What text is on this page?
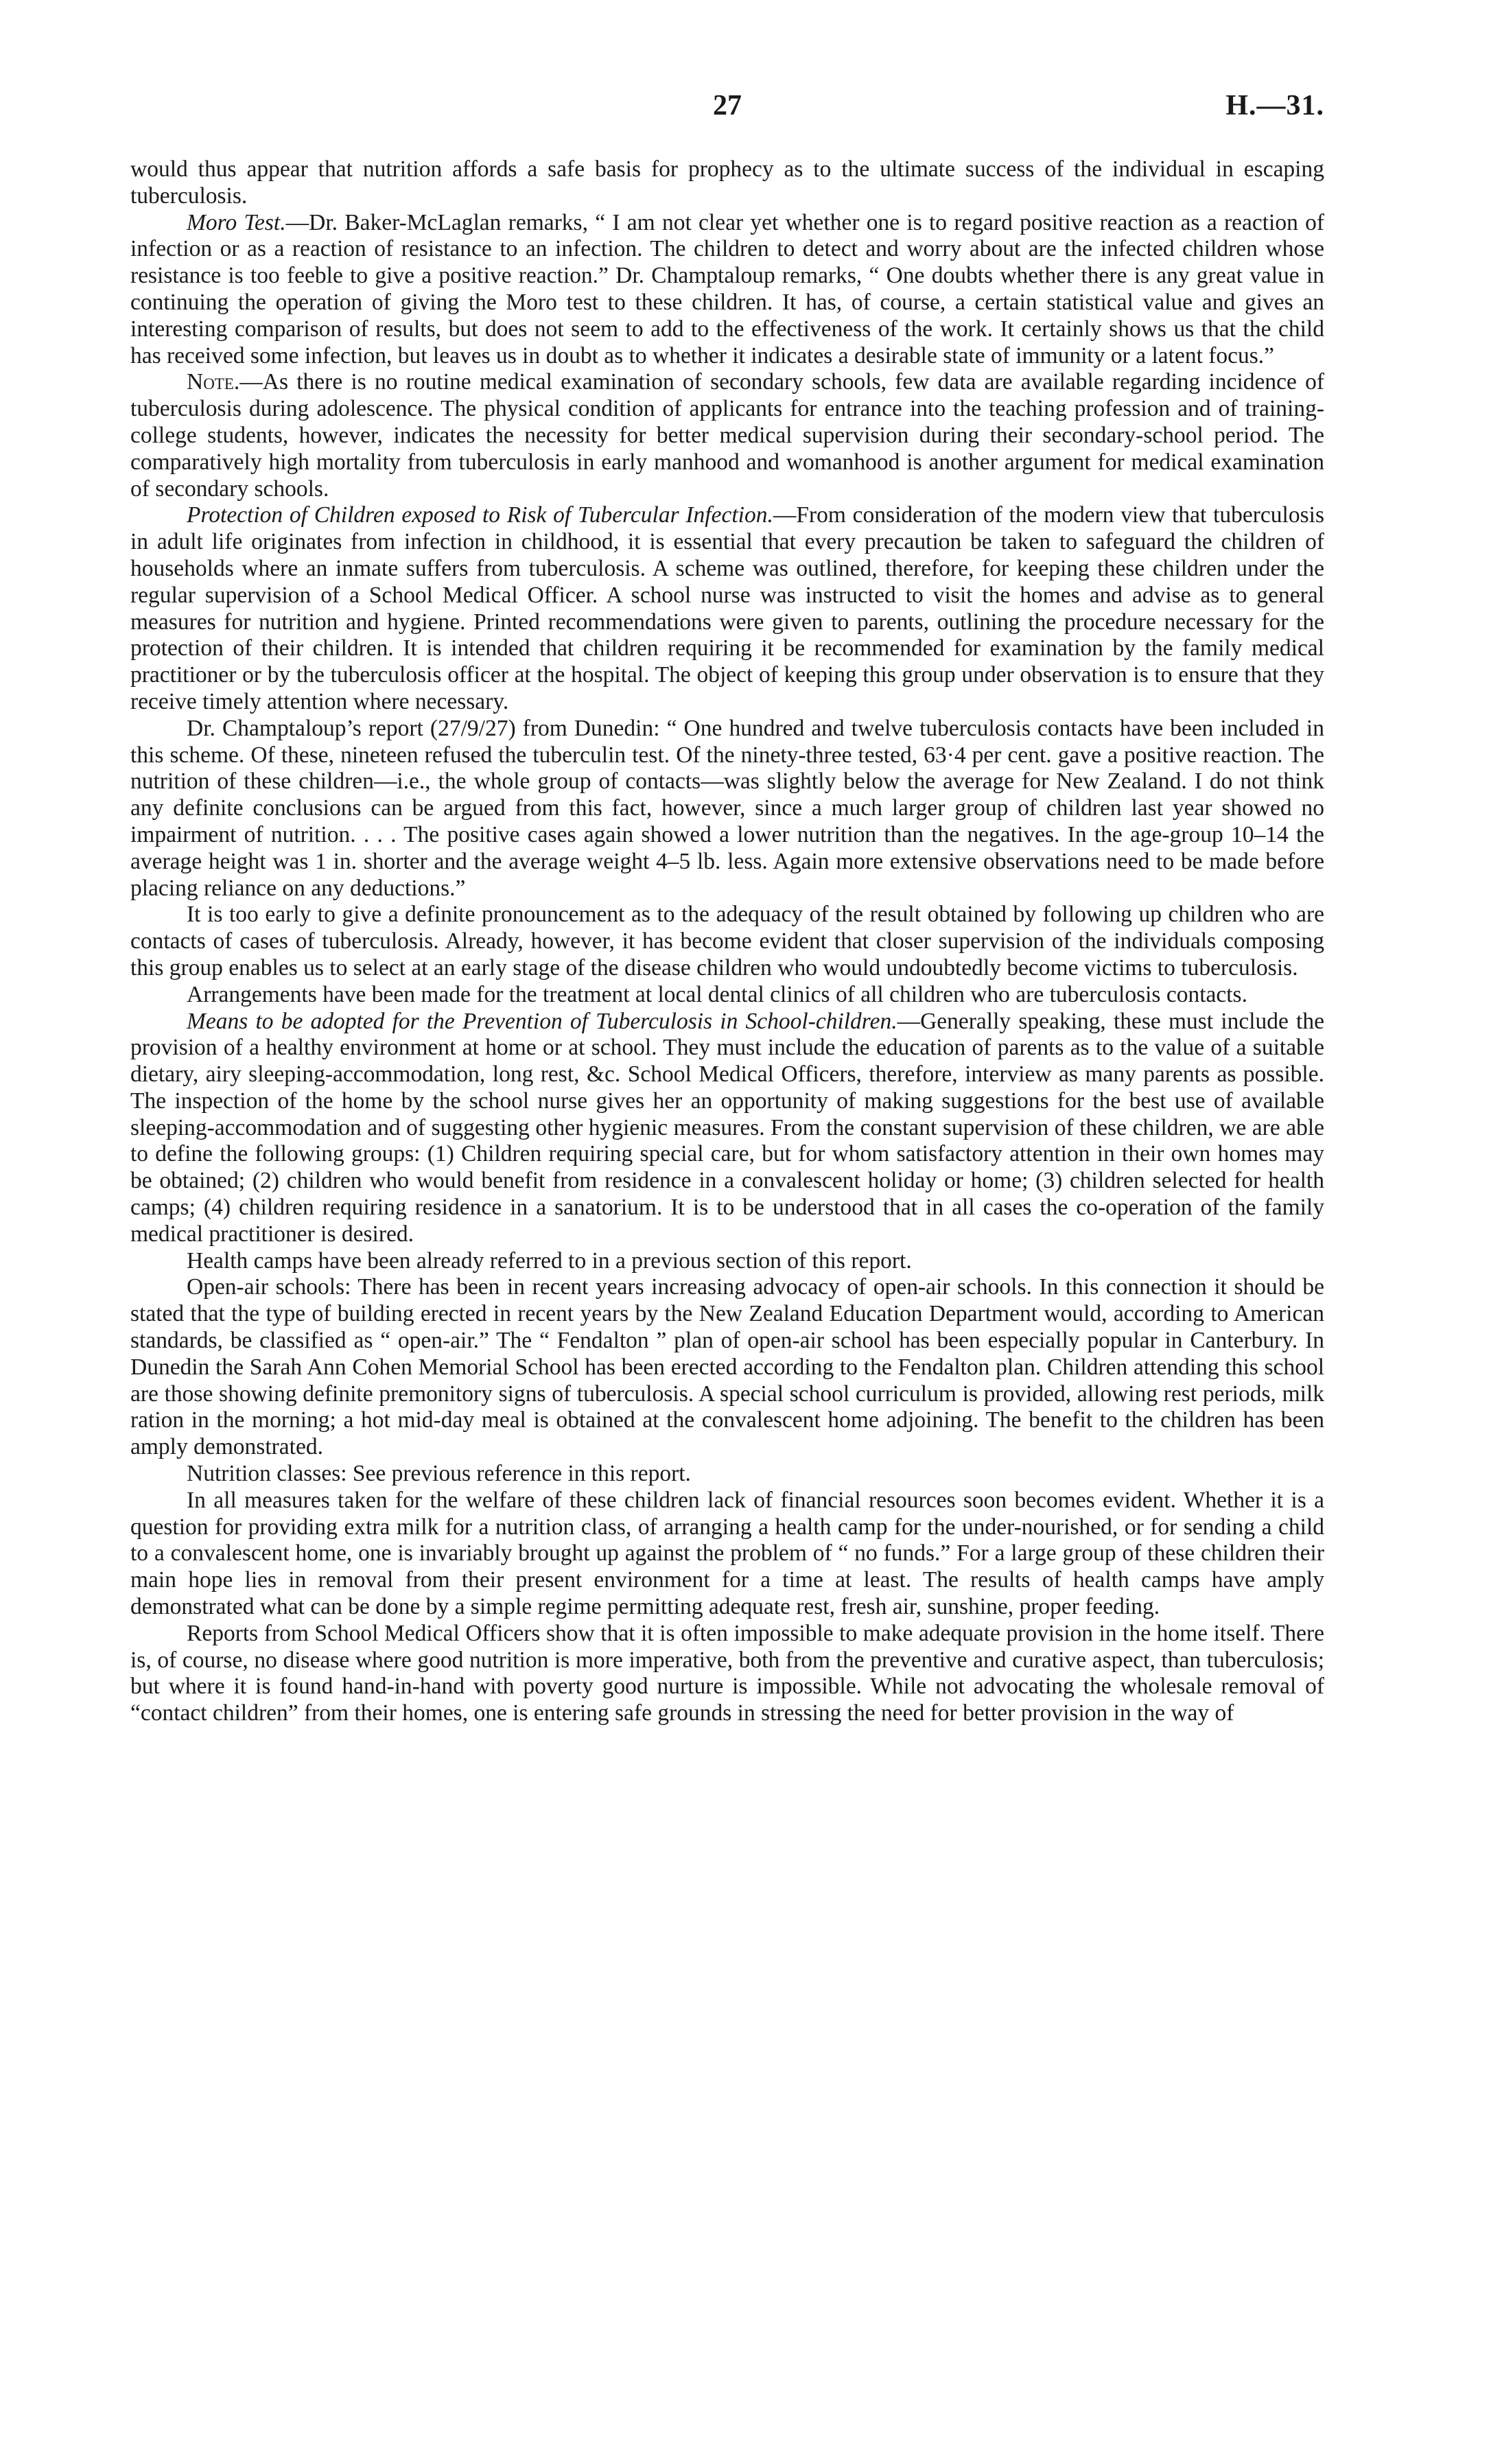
27	H.—31.

would thus appear that nutrition affords a safe basis for prophecy as to the ultimate success of the individual in escaping tuberculosis.

Moro Test.—Dr. Baker-McLaglan remarks, “ I am not clear yet whether one is to regard positive reaction as a reaction of infection or as a reaction of resistance to an infection. The children to detect and worry about are the infected children whose resistance is too feeble to give a positive reaction.” Dr. Champtaloup remarks, “ One doubts whether there is any great value in continuing the operation of giving the Moro test to these children. It has, of course, a certain statistical value and gives an interesting comparison of results, but does not seem to add to the effectiveness of the work. It certainly shows us that the child has received some infection, but leaves us in doubt as to whether it indicates a desirable state of immunity or a latent focus.”

Note.—As there is no routine medical examination of secondary schools, few data are available regarding incidence of tuberculosis during adolescence. The physical condition of applicants for entrance into the teaching profession and of training-college students, however, indicates the necessity for better medical supervision during their secondary-school period. The comparatively high mortality from tuberculosis in early manhood and womanhood is another argument for medical examination of secondary schools.

Protection of Children exposed to Risk of Tubercular Infection.—From consideration of the modern view that tuberculosis in adult life originates from infection in childhood, it is essential that every precaution be taken to safeguard the children of households where an inmate suffers from tuberculosis. A scheme was outlined, therefore, for keeping these children under the regular supervision of a School Medical Officer. A school nurse was instructed to visit the homes and advise as to general measures for nutrition and hygiene. Printed recommendations were given to parents, outlining the procedure necessary for the protection of their children. It is intended that children requiring it be recommended for examination by the family medical practitioner or by the tuberculosis officer at the hospital. The object of keeping this group under observation is to ensure that they receive timely attention where necessary.

Dr. Champtaloup’s report (27/9/27) from Dunedin: “ One hundred and twelve tuberculosis contacts have been included in this scheme. Of these, nineteen refused the tuberculin test. Of the ninety-three tested, 63·4 per cent. gave a positive reaction. The nutrition of these children—i.e., the whole group of contacts—was slightly below the average for New Zealand. I do not think any definite conclusions can be argued from this fact, however, since a much larger group of children last year showed no impairment of nutrition. . . . The positive cases again showed a lower nutrition than the negatives. In the age-group 10–14 the average height was 1 in. shorter and the average weight 4–5 lb. less. Again more extensive observations need to be made before placing reliance on any deductions.”

It is too early to give a definite pronouncement as to the adequacy of the result obtained by following up children who are contacts of cases of tuberculosis. Already, however, it has become evident that closer supervision of the individuals composing this group enables us to select at an early stage of the disease children who would undoubtedly become victims to tuberculosis.

Arrangements have been made for the treatment at local dental clinics of all children who are tuberculosis contacts.

Means to be adopted for the Prevention of Tuberculosis in School-children.—Generally speaking, these must include the provision of a healthy environment at home or at school. They must include the education of parents as to the value of a suitable dietary, airy sleeping-accommodation, long rest, &c. School Medical Officers, therefore, interview as many parents as possible. The inspection of the home by the school nurse gives her an opportunity of making suggestions for the best use of available sleeping-accommodation and of suggesting other hygienic measures. From the constant supervision of these children, we are able to define the following groups: (1) Children requiring special care, but for whom satisfactory attention in their own homes may be obtained; (2) children who would benefit from residence in a convalescent holiday or home; (3) children selected for health camps; (4) children requiring residence in a sanatorium. It is to be understood that in all cases the co-operation of the family medical practitioner is desired.

Health camps have been already referred to in a previous section of this report.

Open-air schools: There has been in recent years increasing advocacy of open-air schools. In this connection it should be stated that the type of building erected in recent years by the New Zealand Education Department would, according to American standards, be classified as “ open-air.” The “ Fendalton ” plan of open-air school has been especially popular in Canterbury. In Dunedin the Sarah Ann Cohen Memorial School has been erected according to the Fendalton plan. Children attending this school are those showing definite premonitory signs of tuberculosis. A special school curriculum is provided, allowing rest periods, milk ration in the morning; a hot mid-day meal is obtained at the convalescent home adjoining. The benefit to the children has been amply demonstrated.

Nutrition classes: See previous reference in this report.

In all measures taken for the welfare of these children lack of financial resources soon becomes evident. Whether it is a question for providing extra milk for a nutrition class, of arranging a health camp for the under-nourished, or for sending a child to a convalescent home, one is invariably brought up against the problem of “ no funds.” For a large group of these children their main hope lies in removal from their present environment for a time at least. The results of health camps have amply demonstrated what can be done by a simple regime permitting adequate rest, fresh air, sunshine, proper feeding.

Reports from School Medical Officers show that it is often impossible to make adequate provision in the home itself. There is, of course, no disease where good nutrition is more imperative, both from the preventive and curative aspect, than tuberculosis; but where it is found hand-in-hand with poverty good nurture is impossible. While not advocating the wholesale removal of “contact children” from their homes, one is entering safe grounds in stressing the need for better provision in the way of
